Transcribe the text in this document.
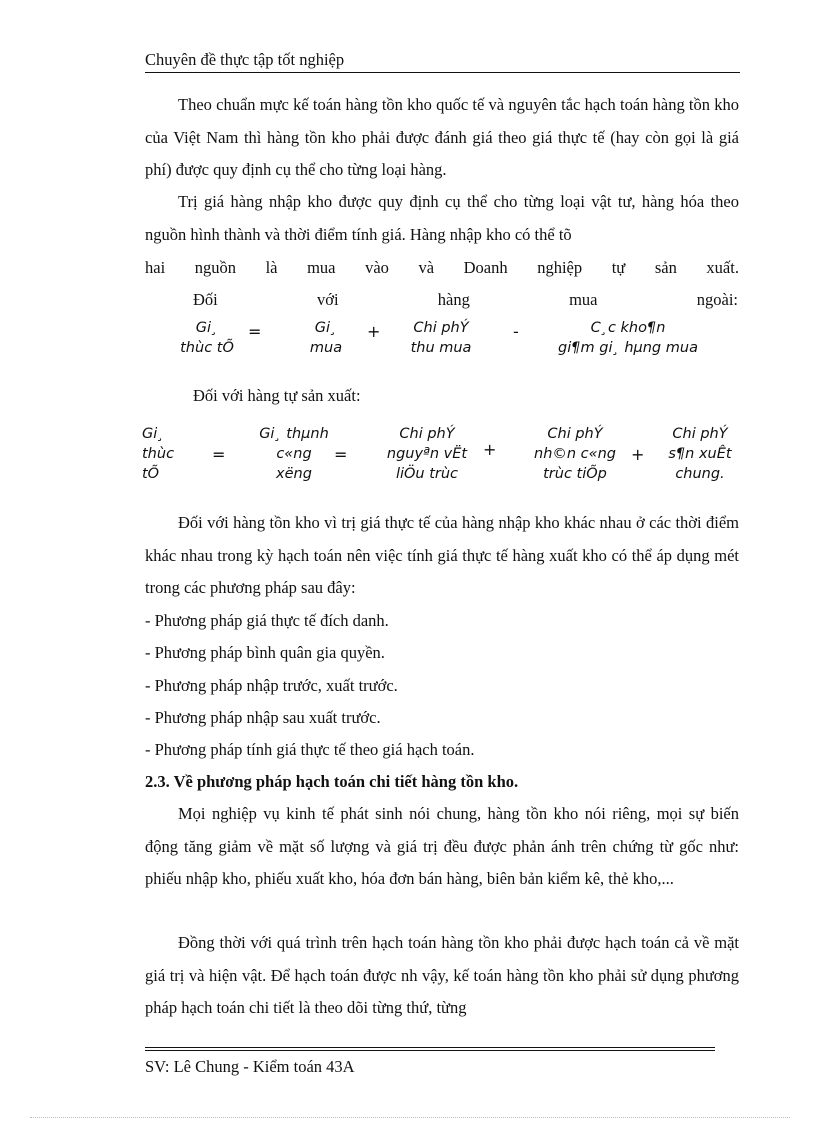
Chuyên đề thực tập tốt nghiệp

Theo chuẩn mực kế toán hàng tồn kho quốc tế và nguyên tắc hạch toán hàng tồn kho của Việt Nam thì hàng tồn kho phải được đánh giá theo giá thực tế (hay còn gọi là giá phí) được quy định cụ thể cho từng loại hàng.

Trị giá hàng nhập kho được quy định cụ thể cho từng loại vật tư, hàng hóa theo nguồn hình thành và thời điểm tính giá. Hàng nhập kho có thể tõ

hai nguồn là mua vào và Doanh nghiệp tự sản xuất.
Đối	với	hàng	mua	ngoài:
Gi¸
thùc tÕ
=	Gi¸
mua
+	Chi phÝ
thu mua
-	C¸c kho¶n
gi¶m gi¸ hµng mua
Đối với hàng tự sản xuất:
Gi¸
thùc
tÕ
=
Gi¸ thµnh
c«ng
xëng
=
Chi phÝ
nguyªn vËt
liÖu trùc
+
Chi phÝ
nh©n c«ng
trùc tiÕp
+
Chi phÝ
s¶n xuÊt
chung.

Đối với hàng tồn kho vì trị giá thực tế của hàng nhập kho khác nhau ở các thời điểm khác nhau trong kỳ hạch toán nên việc tính giá thực tế hàng xuất kho có thể áp dụng mét trong các phương pháp sau đây:

- Phương pháp giá thực tế đích danh.
- Phương pháp bình quân gia quyền.
- Phương pháp nhập trước, xuất trước.
- Phương pháp nhập sau xuất trước.
- Phương pháp tính giá thực tế theo giá hạch toán.
2.3. Về phương pháp hạch toán chi tiết hàng tồn kho.

Mọi nghiệp vụ kinh tế phát sinh nói chung, hàng tồn kho nói riêng, mọi sự biến động tăng giảm về mặt số lượng và giá trị đều được phản ánh trên chứng từ gốc như: phiếu nhập kho, phiếu xuất kho, hóa đơn bán hàng, biên bản kiểm kê, thẻ kho,...

Đồng thời với quá trình trên hạch toán hàng tồn kho phải được hạch toán cả về mặt giá trị và hiện vật. Để hạch toán được nh vậy, kế toán hàng tồn kho phải sử dụng phương pháp hạch toán chi tiết là theo dõi từng thứ, từng

SV: Lê Chung - Kiểm toán 43A
